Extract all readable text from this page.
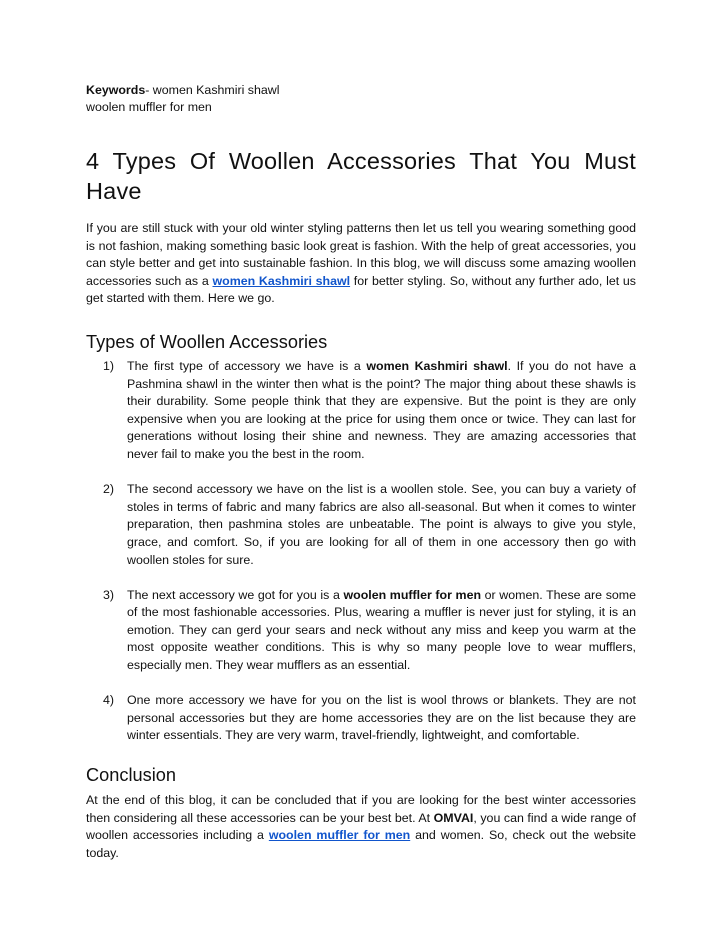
Keywords- women Kashmiri shawl

woolen muffler for men

4 Types Of Woollen Accessories That You Must Have

If you are still stuck with your old winter styling patterns then let us tell you wearing something good is not fashion, making something basic look great is fashion. With the help of great accessories, you can style better and get into sustainable fashion. In this blog, we will discuss some amazing woollen accessories such as a women Kashmiri shawl for better styling. So, without any further ado, let us get started with them. Here we go.

Types of Woollen Accessories
1) The first type of accessory we have is a women Kashmiri shawl. If you do not have a Pashmina shawl in the winter then what is the point? The major thing about these shawls is their durability. Some people think that they are expensive. But the point is they are only expensive when you are looking at the price for using them once or twice. They can last for generations without losing their shine and newness. They are amazing accessories that never fail to make you the best in the room.
2) The second accessory we have on the list is a woollen stole. See, you can buy a variety of stoles in terms of fabric and many fabrics are also all-seasonal. But when it comes to winter preparation, then pashmina stoles are unbeatable. The point is always to give you style, grace, and comfort. So, if you are looking for all of them in one accessory then go with woollen stoles for sure.
3) The next accessory we got for you is a woolen muffler for men or women. These are some of the most fashionable accessories. Plus, wearing a muffler is never just for styling, it is an emotion. They can gerd your sears and neck without any miss and keep you warm at the most opposite weather conditions. This is why so many people love to wear mufflers, especially men. They wear mufflers as an essential.
4) One more accessory we have for you on the list is wool throws or blankets. They are not personal accessories but they are home accessories they are on the list because they are winter essentials. They are very warm, travel-friendly, lightweight, and comfortable.
Conclusion

At the end of this blog, it can be concluded that if you are looking for the best winter accessories then considering all these accessories can be your best bet. At OMVAI, you can find a wide range of woollen accessories including a woolen muffler for men and women. So, check out the website today.
